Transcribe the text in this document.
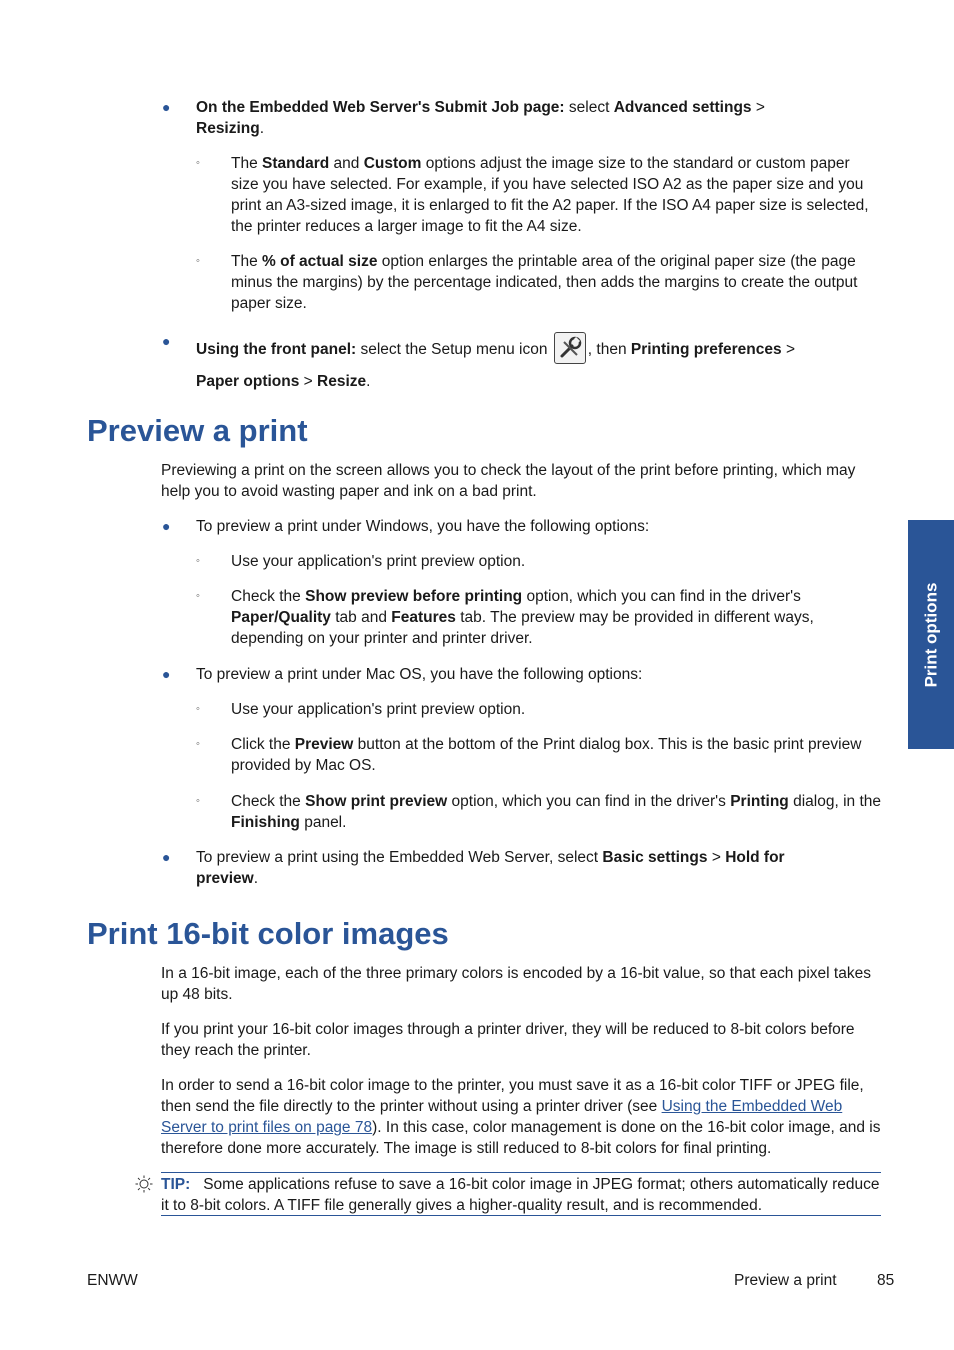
● On the Embedded Web Server's Submit Job page: select Advanced settings >
Resizing.
◦ The Standard and Custom options adjust the image size to the standard or custom paper size you have selected. For example, if you have selected ISO A2 as the paper size and you print an A3-sized image, it is enlarged to fit the A2 paper. If the ISO A4 paper size is selected, the printer reduces a larger image to fit the A4 size.
◦ The % of actual size option enlarges the printable area of the original paper size (the page minus the margins) by the percentage indicated, then adds the margins to create the output paper size.
●
Using the front panel: select the Setup menu icon	, then Printing preferences >
Paper options > Resize.
Preview a print
Previewing a print on the screen allows you to check the layout of the print before printing, which may help you to avoid wasting paper and ink on a bad print.
● To preview a print under Windows, you have the following options:
◦ Use your application's print preview option.
◦ Check the Show preview before printing option, which you can find in the driver's Paper/Quality tab and Features tab. The preview may be provided in different ways, depending on your printer and printer driver.
● To preview a print under Mac OS, you have the following options:
◦ Use your application's print preview option.
◦ Click the Preview button at the bottom of the Print dialog box. This is the basic print preview provided by Mac OS.
◦ Check the Show print preview option, which you can find in the driver's Printing dialog, in the Finishing panel.
● To preview a print using the Embedded Web Server, select Basic settings > Hold for preview.
Print 16-bit color images
In a 16-bit image, each of the three primary colors is encoded by a 16-bit value, so that each pixel takes up 48 bits.
If you print your 16-bit color images through a printer driver, they will be reduced to 8-bit colors before they reach the printer.
In order to send a 16-bit color image to the printer, you must save it as a 16-bit color TIFF or JPEG file, then send the file directly to the printer without using a printer driver (see Using the Embedded Web Server to print files on page 78). In this case, color management is done on the 16-bit color image, and is therefore done more accurately. The image is still reduced to 8-bit colors for final printing.
TIP: Some applications refuse to save a 16-bit color image in JPEG format; others automatically reduce it to 8-bit colors. A TIFF file generally gives a higher-quality result, and is recommended.
Print options
ENWW	Preview a print	85
